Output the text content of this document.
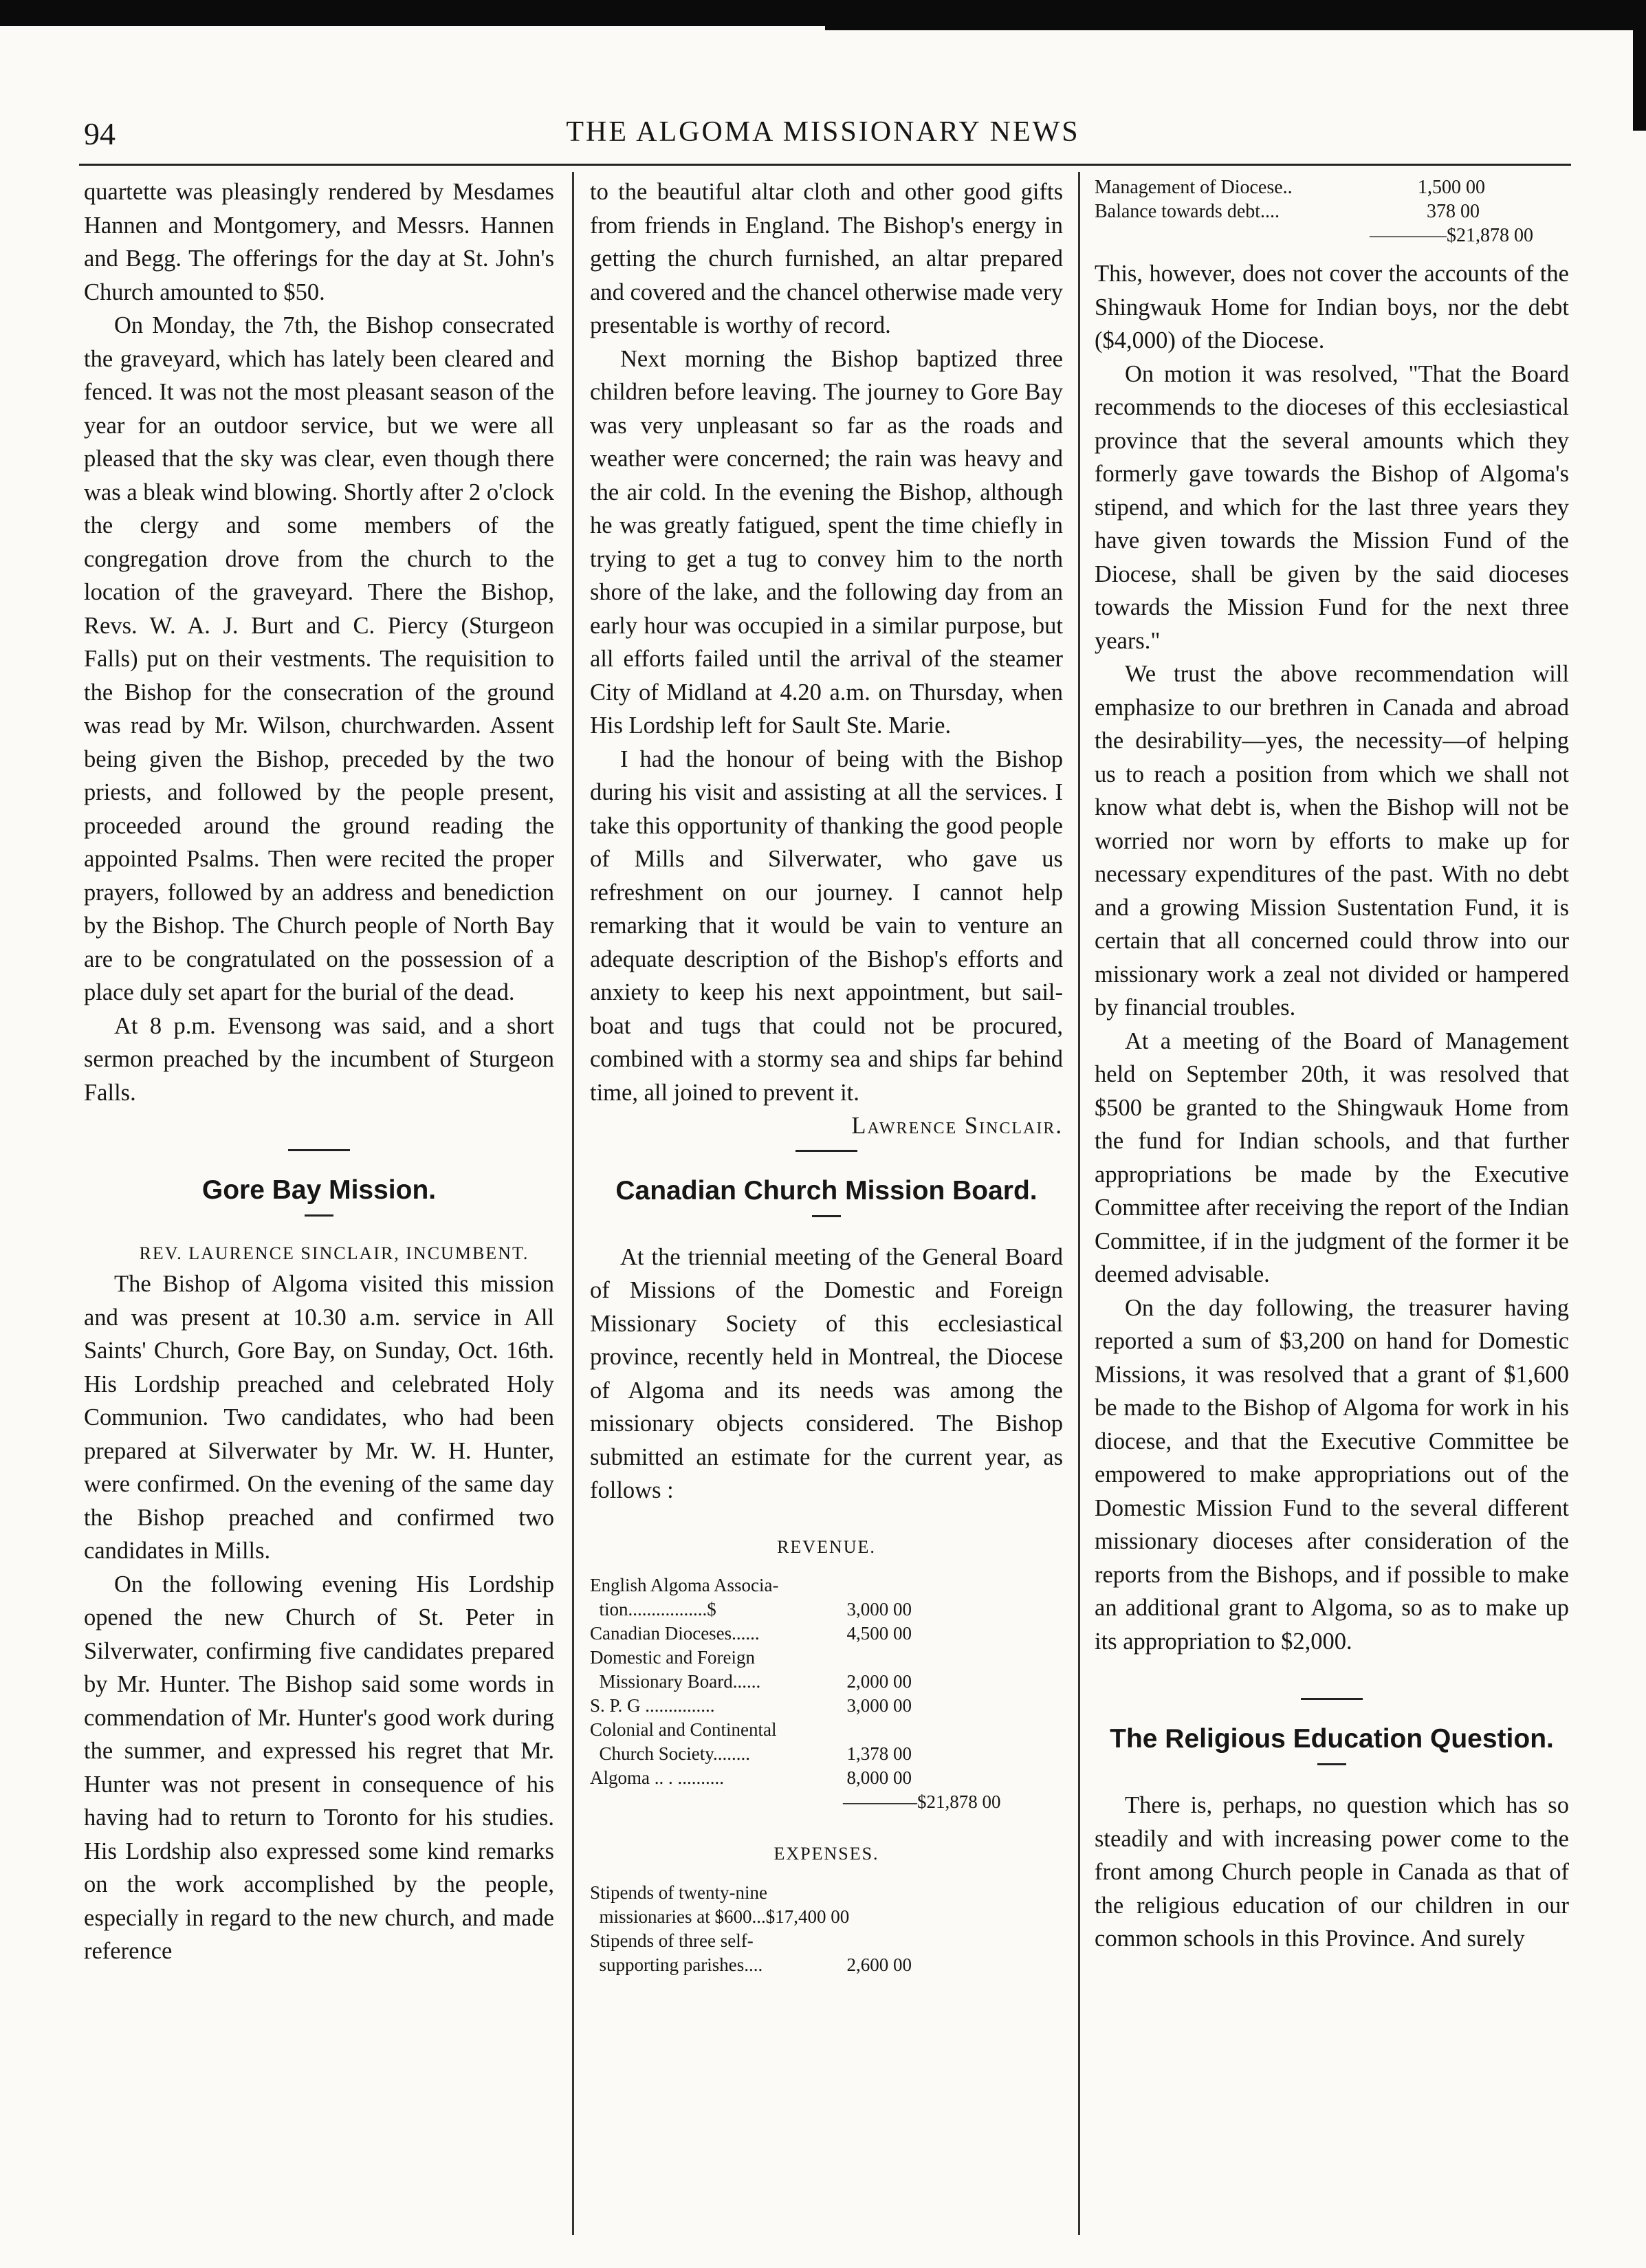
94	THE ALGOMA MISSIONARY NEWS

quartette was pleasingly rendered by Mesdames Hannen and Montgomery, and Messrs. Hannen and Begg. The offerings for the day at St. John's Church amounted to $50.

On Monday, the 7th, the Bishop consecrated the graveyard, which has lately been cleared and fenced. It was not the most pleasant season of the year for an outdoor service, but we were all pleased that the sky was clear, even though there was a bleak wind blowing. Shortly after 2 o'clock the clergy and some members of the congregation drove from the church to the location of the graveyard. There the Bishop, Revs. W. A. J. Burt and C. Piercy (Sturgeon Falls) put on their vestments. The requisition to the Bishop for the consecration of the ground was read by Mr. Wilson, churchwarden. Assent being given the Bishop, preceded by the two priests, and followed by the people present, proceeded around the ground reading the appointed Psalms. Then were recited the proper prayers, followed by an address and benediction by the Bishop. The Church people of North Bay are to be congratulated on the possession of a place duly set apart for the burial of the dead.

At 8 p.m. Evensong was said, and a short sermon preached by the incumbent of Sturgeon Falls.

Gore Bay Mission.

REV. LAURENCE SINCLAIR, INCUMBENT.

The Bishop of Algoma visited this mission and was present at 10.30 a.m. service in All Saints' Church, Gore Bay, on Sunday, Oct. 16th. His Lordship preached and celebrated Holy Communion. Two candidates, who had been prepared at Silverwater by Mr. W. H. Hunter, were confirmed. On the evening of the same day the Bishop preached and confirmed two candidates in Mills.

On the following evening His Lordship opened the new Church of St. Peter in Silverwater, confirming five candidates prepared by Mr. Hunter. The Bishop said some words in commendation of Mr. Hunter's good work during the summer, and expressed his regret that Mr. Hunter was not present in consequence of his having had to return to Toronto for his studies. His Lordship also expressed some kind remarks on the work accomplished by the people, especially in regard to the new church, and made reference

to the beautiful altar cloth and other good gifts from friends in England. The Bishop's energy in getting the church furnished, an altar prepared and covered and the chancel otherwise made very presentable is worthy of record.

Next morning the Bishop baptized three children before leaving. The journey to Gore Bay was very unpleasant so far as the roads and weather were concerned; the rain was heavy and the air cold. In the evening the Bishop, although he was greatly fatigued, spent the time chiefly in trying to get a tug to convey him to the north shore of the lake, and the following day from an early hour was occupied in a similar purpose, but all efforts failed until the arrival of the steamer City of Midland at 4.20 a.m. on Thursday, when His Lordship left for Sault Ste. Marie.

I had the honour of being with the Bishop during his visit and assisting at all the services. I take this opportunity of thanking the good people of Mills and Silverwater, who gave us refreshment on our journey. I cannot help remarking that it would be vain to venture an adequate description of the Bishop's efforts and anxiety to keep his next appointment, but sail-boat and tugs that could not be procured, combined with a stormy sea and ships far behind time, all joined to prevent it.

Lawrence Sinclair.

Canadian Church Mission Board.

At the triennial meeting of the General Board of Missions of the Domestic and Foreign Missionary Society of this ecclesiastical province, recently held in Montreal, the Diocese of Algoma and its needs was among the missionary objects considered. The Bishop submitted an estimate for the current year, as follows :

REVENUE.
English Algoma Associa-
tion.................$	3,000 00
Canadian Dioceses......	4,500 00
Domestic and Foreign
Missionary Board......	2,000 00
S. P. G ...............	3,000 00
Colonial and Continental
Church Society........	1,378 00
Algoma .. . ..........	8,000 00
————$21,878 00
EXPENSES.
Stipends of twenty-nine
missionaries at $600...$17,400 00
Stipends of three self-
supporting parishes....	2,600 00
Management of Diocese..	1,500 00
Balance towards debt....	378 00
————$21,878 00

This, however, does not cover the accounts of the Shingwauk Home for Indian boys, nor the debt ($4,000) of the Diocese.

On motion it was resolved, "That the Board recommends to the dioceses of this ecclesiastical province that the several amounts which they formerly gave towards the Bishop of Algoma's stipend, and which for the last three years they have given towards the Mission Fund of the Diocese, shall be given by the said dioceses towards the Mission Fund for the next three years."

We trust the above recommendation will emphasize to our brethren in Canada and abroad the desirability—yes, the necessity—of helping us to reach a position from which we shall not know what debt is, when the Bishop will not be worried nor worn by efforts to make up for necessary expenditures of the past. With no debt and a growing Mission Sustentation Fund, it is certain that all concerned could throw into our missionary work a zeal not divided or hampered by financial troubles.

At a meeting of the Board of Management held on September 20th, it was resolved that $500 be granted to the Shingwauk Home from the fund for Indian schools, and that further appropriations be made by the Executive Committee after receiving the report of the Indian Committee, if in the judgment of the former it be deemed advisable.

On the day following, the treasurer having reported a sum of $3,200 on hand for Domestic Missions, it was resolved that a grant of $1,600 be made to the Bishop of Algoma for work in his diocese, and that the Executive Committee be empowered to make appropriations out of the Domestic Mission Fund to the several different missionary dioceses after consideration of the reports from the Bishops, and if possible to make an additional grant to Algoma, so as to make up its appropriation to $2,000.

The Religious Education Question.

There is, perhaps, no question which has so steadily and with increasing power come to the front among Church people in Canada as that of the religious education of our children in our common schools in this Province. And surely
